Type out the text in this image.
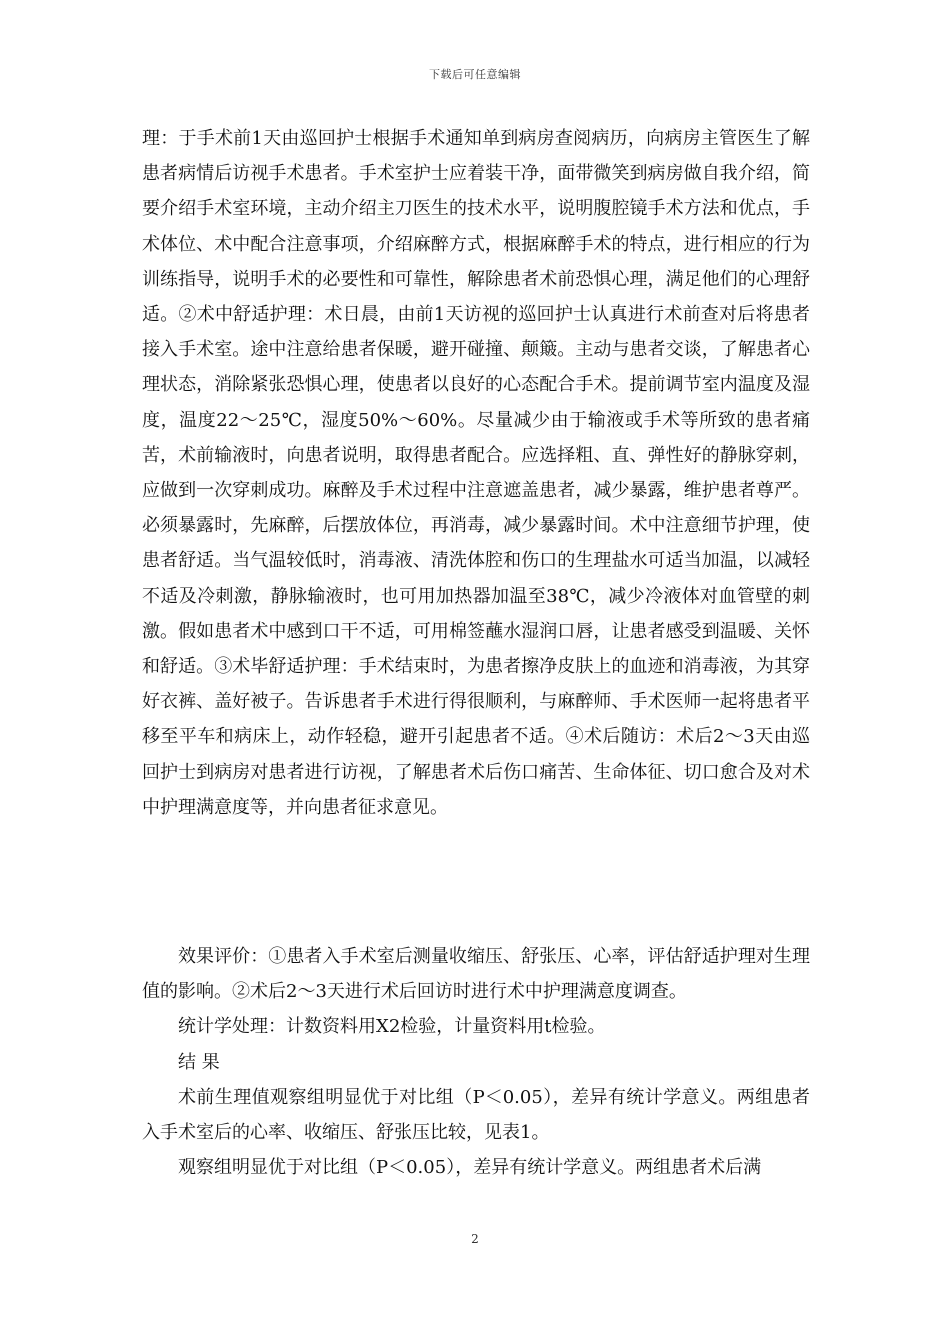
下载后可任意编辑

理：于手术前1天由巡回护士根据手术通知单到病房查阅病历，向病房主管医生了解患者病情后访视手术患者。手术室护士应着装干净，面带微笑到病房做自我介绍，简要介绍手术室环境，主动介绍主刀医生的技术水平，说明腹腔镜手术方法和优点，手术体位、术中配合注意事项，介绍麻醉方式，根据麻醉手术的特点，进行相应的行为训练指导，说明手术的必要性和可靠性，解除患者术前恐惧心理，满足他们的心理舒适。②术中舒适护理：术日晨，由前1天访视的巡回护士认真进行术前查对后将患者接入手术室。途中注意给患者保暖，避开碰撞、颠簸。主动与患者交谈，了解患者心理状态，消除紧张恐惧心理，使患者以良好的心态配合手术。提前调节室内温度及湿度，温度22～25℃，湿度50%～60%。尽量减少由于输液或手术等所致的患者痛苦，术前输液时，向患者说明，取得患者配合。应选择粗、直、弹性好的静脉穿刺，应做到一次穿刺成功。麻醉及手术过程中注意遮盖患者，减少暴露，维护患者尊严。必须暴露时，先麻醉，后摆放体位，再消毒，减少暴露时间。术中注意细节护理，使患者舒适。当气温较低时，消毒液、清洗体腔和伤口的生理盐水可适当加温，以减轻不适及冷刺激，静脉输液时，也可用加热器加温至38℃，减少冷液体对血管壁的刺激。假如患者术中感到口干不适，可用棉签蘸水湿润口唇，让患者感受到温暖、关怀和舒适。③术毕舒适护理：手术结束时，为患者擦净皮肤上的血迹和消毒液，为其穿好衣裤、盖好被子。告诉患者手术进行得很顺利，与麻醉师、手术医师一起将患者平移至平车和病床上，动作轻稳，避开引起患者不适。④术后随访：术后2～3天由巡回护士到病房对患者进行访视，了解患者术后伤口痛苦、生命体征、切口愈合及对术中护理满意度等，并向患者征求意见。

效果评价：①患者入手术室后测量收缩压、舒张压、心率，评估舒适护理对生理值的影响。②术后2～3天进行术后回访时进行术中护理满意度调查。

统计学处理：计数资料用X2检验，计量资料用t检验。

结 果

术前生理值观察组明显优于对比组（P＜0.05），差异有统计学意义。两组患者入手术室后的心率、收缩压、舒张压比较，见表1。

观察组明显优于对比组（P＜0.05），差异有统计学意义。两组患者术后满

2
